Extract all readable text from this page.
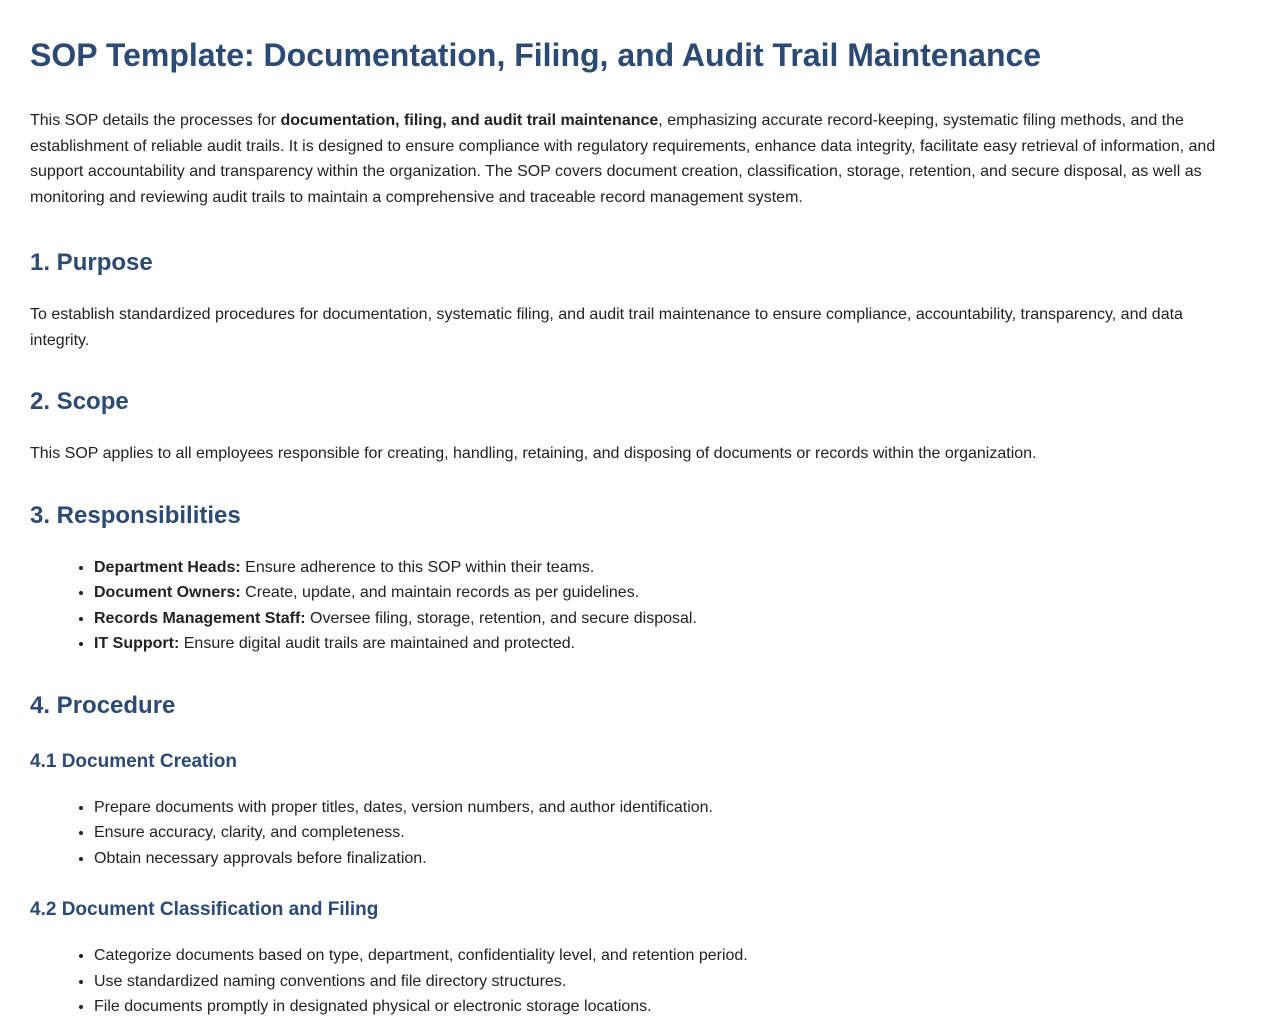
SOP Template: Documentation, Filing, and Audit Trail Maintenance

This SOP details the processes for documentation, filing, and audit trail maintenance, emphasizing accurate record-keeping, systematic filing methods, and the establishment of reliable audit trails. It is designed to ensure compliance with regulatory requirements, enhance data integrity, facilitate easy retrieval of information, and support accountability and transparency within the organization. The SOP covers document creation, classification, storage, retention, and secure disposal, as well as monitoring and reviewing audit trails to maintain a comprehensive and traceable record management system.

1. Purpose

To establish standardized procedures for documentation, systematic filing, and audit trail maintenance to ensure compliance, accountability, transparency, and data integrity.

2. Scope

This SOP applies to all employees responsible for creating, handling, retaining, and disposing of documents or records within the organization.

3. Responsibilities
• Department Heads: Ensure adherence to this SOP within their teams.
• Document Owners: Create, update, and maintain records as per guidelines.
• Records Management Staff: Oversee filing, storage, retention, and secure disposal.
• IT Support: Ensure digital audit trails are maintained and protected.
4. Procedure
4.1 Document Creation
• Prepare documents with proper titles, dates, version numbers, and author identification.
• Ensure accuracy, clarity, and completeness.
• Obtain necessary approvals before finalization.
4.2 Document Classification and Filing
• Categorize documents based on type, department, confidentiality level, and retention period.
• Use standardized naming conventions and file directory structures.
• File documents promptly in designated physical or electronic storage locations.
